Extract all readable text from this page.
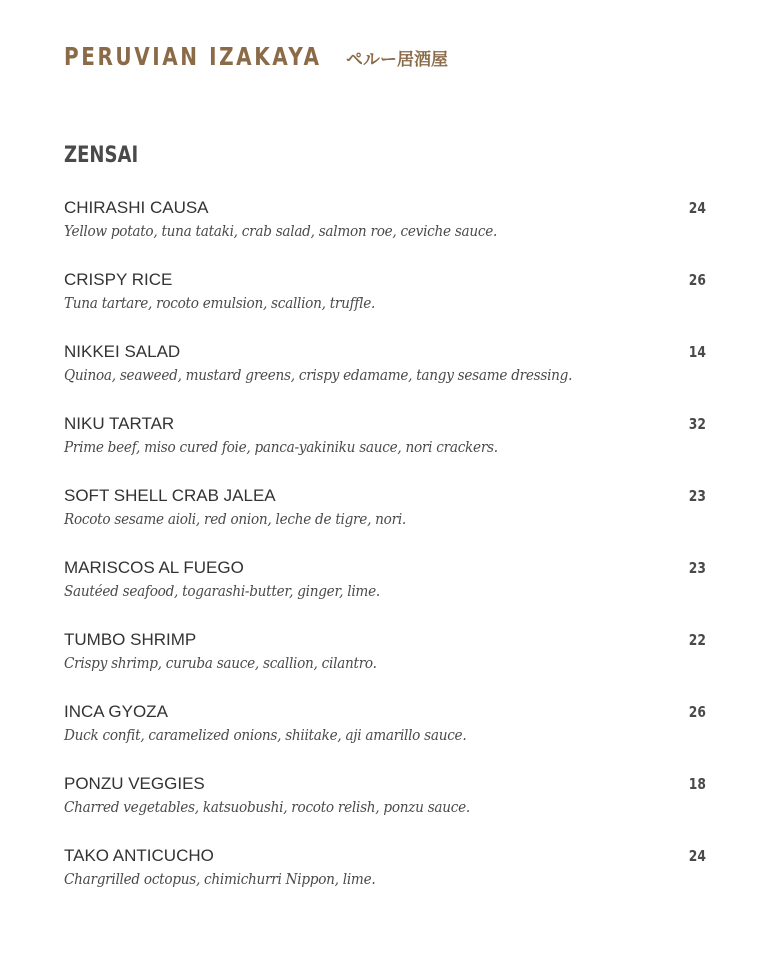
PERUVIAN IZAKAYA ペルー居酒屋
ZENSAI
CHIRASHI CAUSA	24
Yellow potato, tuna tataki, crab salad, salmon roe, ceviche sauce.
CRISPY RICE	26
Tuna tartare, rocoto emulsion, scallion, truffle.
NIKKEI SALAD	14
Quinoa, seaweed, mustard greens, crispy edamame, tangy sesame dressing.
NIKU TARTAR	32
Prime beef, miso cured foie, panca-yakiniku sauce, nori crackers.
SOFT SHELL CRAB JALEA	23
Rocoto sesame aioli, red onion, leche de tigre, nori.
MARISCOS AL FUEGO	23
Sautéed seafood, togarashi-butter, ginger, lime.
TUMBO SHRIMP	22
Crispy shrimp, curuba sauce, scallion, cilantro.
INCA GYOZA	26
Duck confit, caramelized onions, shiitake, aji amarillo sauce.
PONZU VEGGIES	18
Charred vegetables, katsuobushi, rocoto relish, ponzu sauce.
TAKO ANTICUCHO	24
Chargrilled octopus, chimichurri Nippon, lime.
